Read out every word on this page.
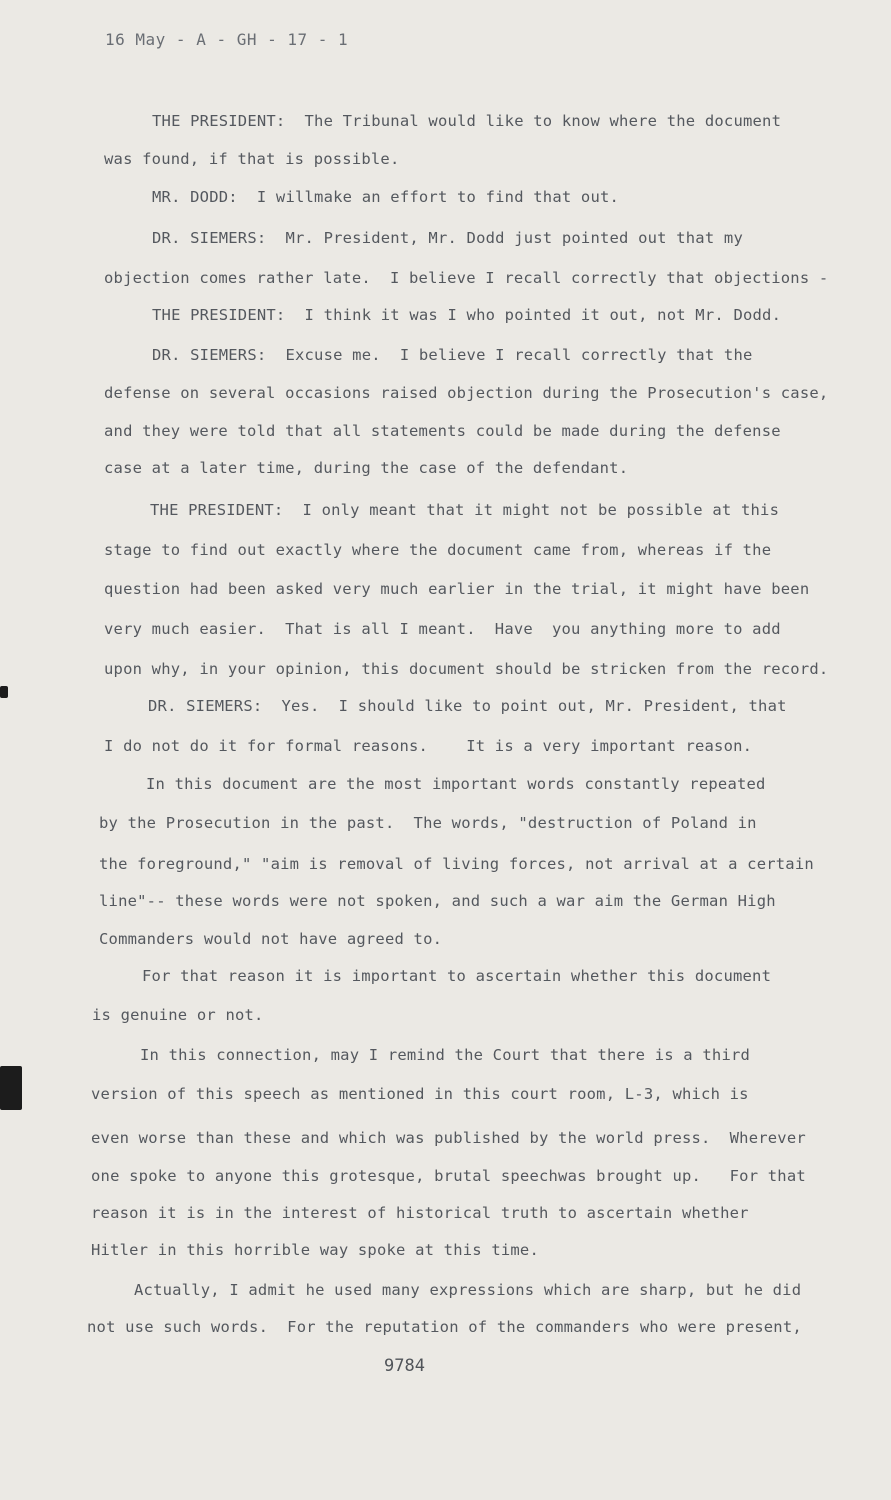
16 May - A - GH - 17 - 1
THE PRESIDENT:  The Tribunal would like to know where the document
was found, if that is possible.
MR. DODD:  I willmake an effort to find that out.
DR. SIEMERS:  Mr. President, Mr. Dodd just pointed out that my
objection comes rather late.  I believe I recall correctly that objections -
THE PRESIDENT:  I think it was I who pointed it out, not Mr. Dodd.
DR. SIEMERS:  Excuse me.  I believe I recall correctly that the
defense on several occasions raised objection during the Prosecution's case,
and they were told that all statements could be made during the defense
case at a later time, during the case of the defendant.
THE PRESIDENT:  I only meant that it might not be possible at this
stage to find out exactly where the document came from, whereas if the
question had been asked very much earlier in the trial, it might have been
very much easier.  That is all I meant.  Have  you anything more to add
upon why, in your opinion, this document should be stricken from the record.
DR. SIEMERS:  Yes.  I should like to point out, Mr. President, that
I do not do it for formal reasons.    It is a very important reason.
In this document are the most important words constantly repeated
by the Prosecution in the past.  The words, "destruction of Poland in
the foreground," "aim is removal of living forces, not arrival at a certain
line"-- these words were not spoken, and such a war aim the German High
Commanders would not have agreed to.
For that reason it is important to ascertain whether this document
is genuine or not.
In this connection, may I remind the Court that there is a third
version of this speech as mentioned in this court room, L-3, which is
even worse than these and which was published by the world press.  Wherever
one spoke to anyone this grotesque, brutal speechwas brought up.   For that
reason it is in the interest of historical truth to ascertain whether
Hitler in this horrible way spoke at this time.
Actually, I admit he used many expressions which are sharp, but he did
not use such words.  For the reputation of the commanders who were present,
9784
